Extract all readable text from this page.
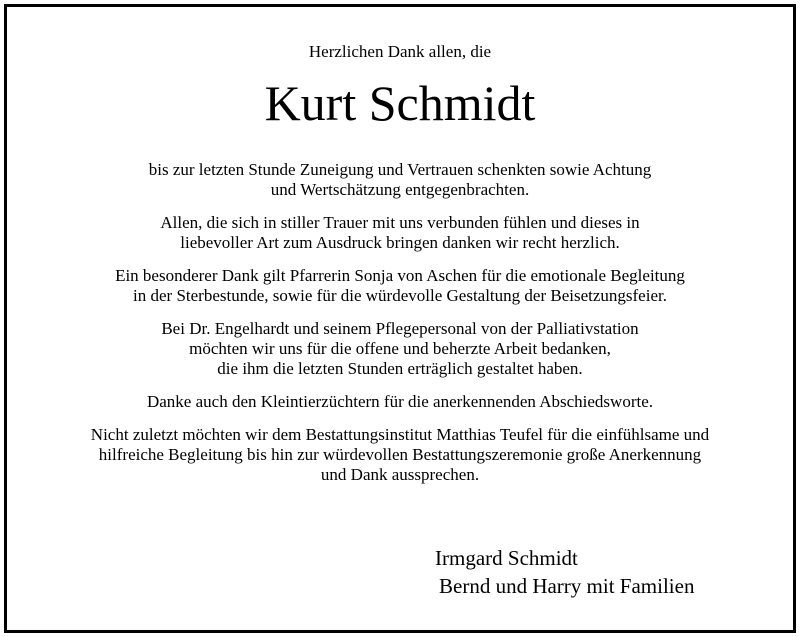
Herzlichen Dank allen, die
Kurt Schmidt

bis zur letzten Stunde Zuneigung und Vertrauen schenkten sowie Achtung
und Wertschätzung entgegenbrachten.

Allen, die sich in stiller Trauer mit uns verbunden fühlen und dieses in
liebevoller Art zum Ausdruck bringen danken wir recht herzlich.

Ein besonderer Dank gilt Pfarrerin Sonja von Aschen für die emotionale Begleitung
in der Sterbestunde, sowie für die würdevolle Gestaltung der Beisetzungsfeier.

Bei Dr. Engelhardt und seinem Pflegepersonal von der Palliativstation
möchten wir uns für die offene und beherzte Arbeit bedanken,
die ihm die letzten Stunden erträglich gestaltet haben.

Danke auch den Kleintierzüchtern für die anerkennenden Abschiedsworte.

Nicht zuletzt möchten wir dem Bestattungsinstitut Matthias Teufel für die einfühlsame und
hilfreiche Begleitung bis hin zur würdevollen Bestattungszeremonie große Anerkennung
und Dank aussprechen.

Irmgard Schmidt
Bernd und Harry mit Familien
